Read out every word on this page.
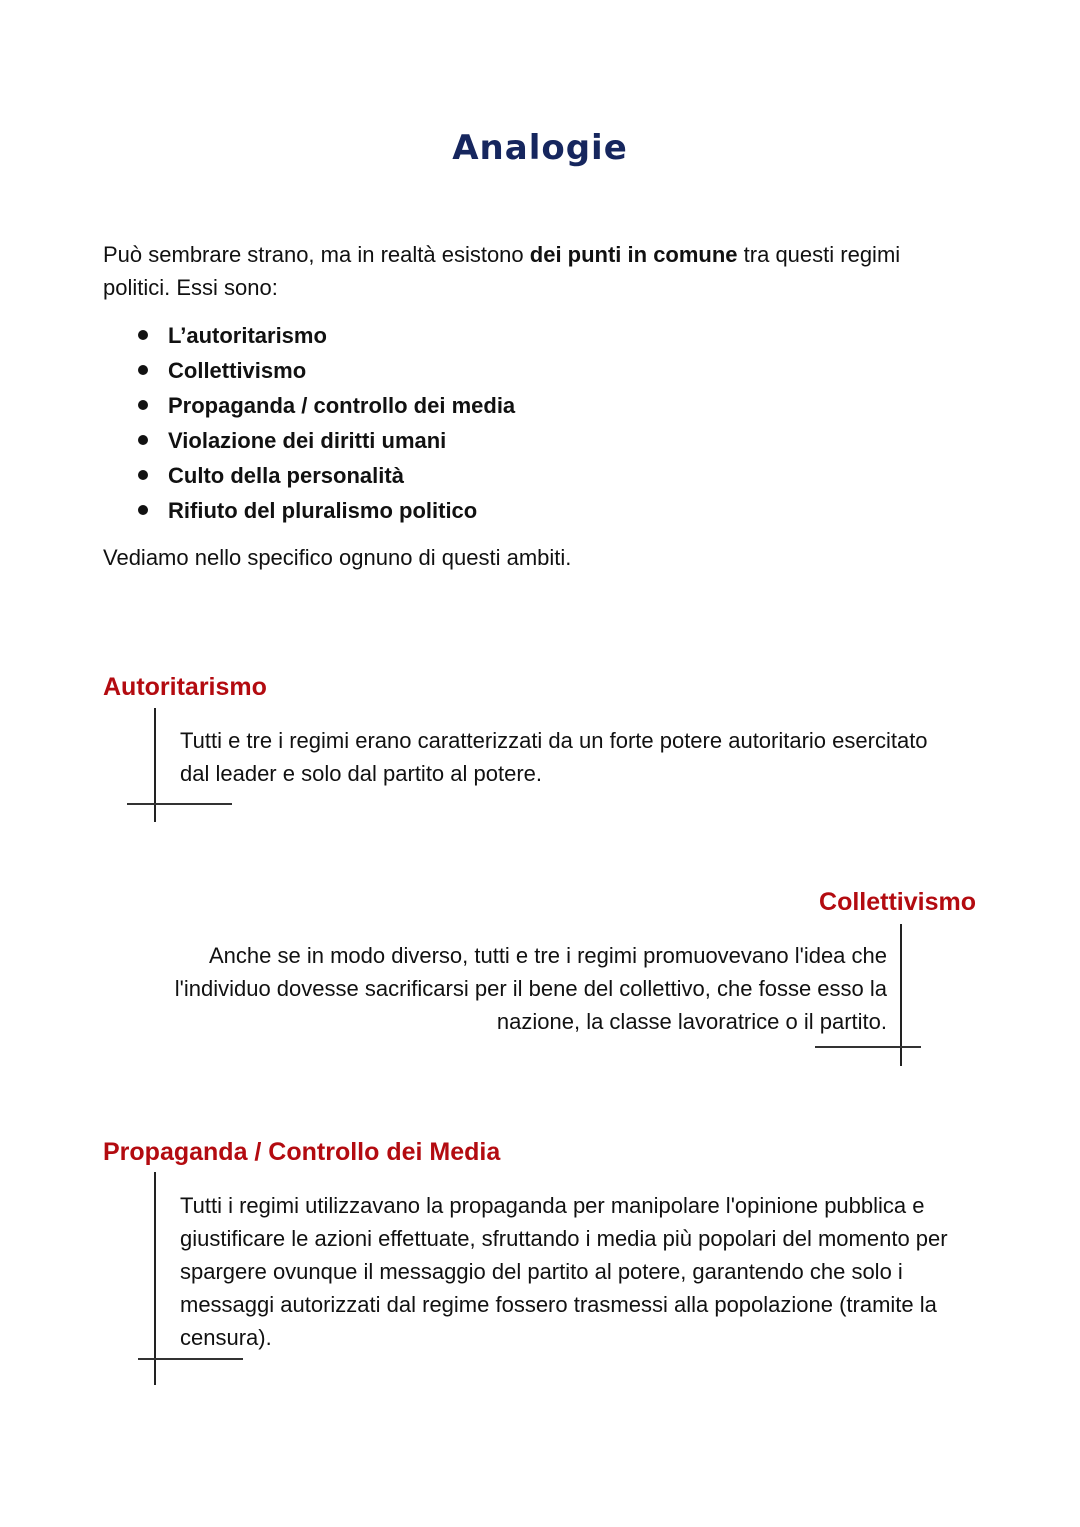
Analogie

Può sembrare strano, ma in realtà esistono dei punti in comune tra questi regimi politici. Essi sono:

L’autoritarismo
Collettivismo
Propaganda / controllo dei media
Violazione dei diritti umani
Culto della personalità
Rifiuto del pluralismo politico

Vediamo nello specifico ognuno di questi ambiti.

Autoritarismo

Tutti e tre i regimi erano caratterizzati da un forte potere autoritario esercitato dal leader e solo dal partito al potere.

Collettivismo

Anche se in modo diverso, tutti e tre i regimi promuovevano l'idea che l'individuo dovesse sacrificarsi per il bene del collettivo, che fosse esso la nazione, la classe lavoratrice o il partito.

Propaganda / Controllo dei Media

Tutti i regimi utilizzavano la propaganda per manipolare l'opinione pubblica e giustificare le azioni effettuate, sfruttando i media più popolari del momento per spargere ovunque il messaggio del partito al potere, garantendo che solo i messaggi autorizzati dal regime fossero trasmessi alla popolazione (tramite la censura).
